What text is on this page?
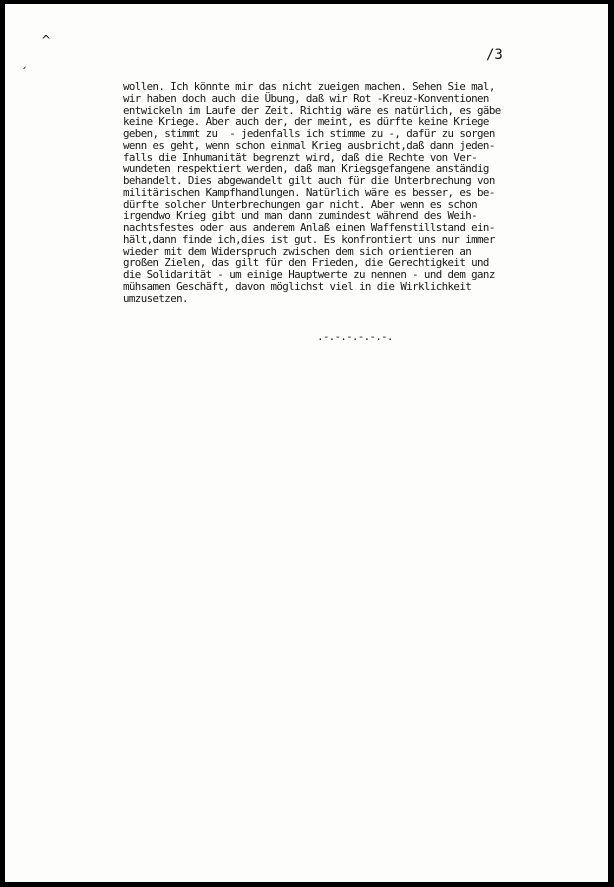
^
ˏ	/3
wollen. Ich könnte mir das nicht zueigen machen. Sehen Sie mal,
wir haben doch auch die Übung, daß wir Rot -Kreuz-Konventionen
entwickeln im Laufe der Zeit. Richtig wäre es natürlich, es gäbe
keine Kriege. Aber auch der, der meint, es dürfte keine Kriege
geben, stimmt zu  - jedenfalls ich stimme zu -, dafür zu sorgen
wenn es geht, wenn schon einmal Krieg ausbricht,daß dann jeden-
falls die Inhumanität begrenzt wird, daß die Rechte von Ver-
wundeten respektiert werden, daß man Kriegsgefangene anständig
behandelt. Dies abgewandelt gilt auch für die Unterbrechung von
militärischen Kampfhandlungen. Natürlich wäre es besser, es be-
dürfte solcher Unterbrechungen gar nicht. Aber wenn es schon
irgendwo Krieg gibt und man dann zumindest während des Weih-
nachtsfestes oder aus anderem Anlaß einen Waffenstillstand ein-
hält,dann finde ich,dies ist gut. Es konfrontiert uns nur immer
wieder mit dem Widerspruch zwischen dem sich orientieren an
großen Zielen, das gilt für den Frieden, die Gerechtigkeit und
die Solidarität - um einige Hauptwerte zu nennen - und dem ganz
mühsamen Geschäft, davon möglichst viel in die Wirklichkeit
umzusetzen.
.-.-.-.-.-.-.
